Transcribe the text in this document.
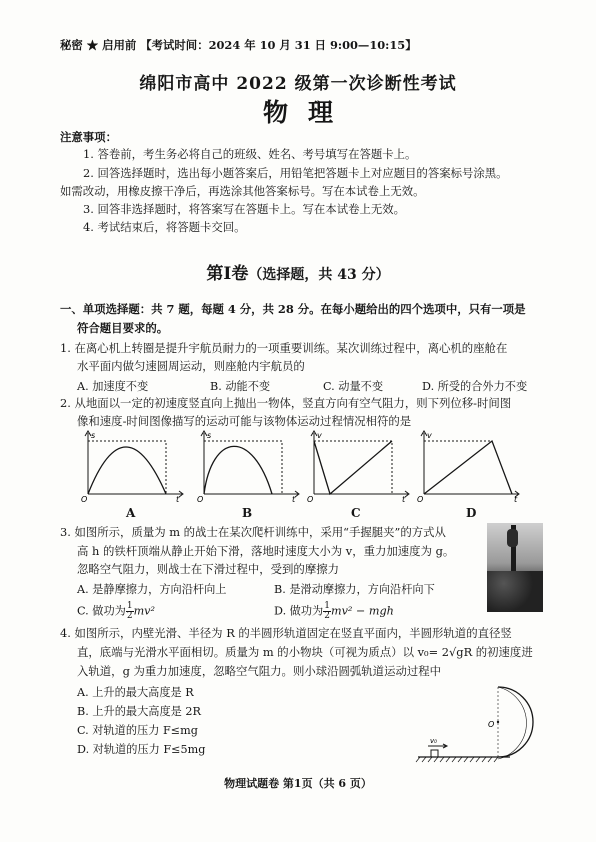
秘密 ★ 启用前 【考试时间：2024 年 10 月 31 日 9:00—10:15】

绵阳市高中 2022 级第一次诊断性考试

物理

注意事项：

1. 答卷前，考生务必将自己的班级、姓名、考号填写在答题卡上。

2. 回答选择题时，选出每小题答案后，用铅笔把答题卡上对应题目的答案标号涂黑。

如需改动，用橡皮擦干净后，再选涂其他答案标号。写在本试卷上无效。

3. 回答非选择题时，将答案写在答题卡上。写在本试卷上无效。

4. 考试结束后，将答题卡交回。

第Ⅰ卷（选择题，共 43 分）

一、单项选择题：共 7 题，每题 4 分，共 28 分。在每小题给出的四个选项中，只有一项是

符合题目要求的。

1. 在离心机上转圈是提升宇航员耐力的一项重要训练。某次训练过程中，离心机的座舱在

水平面内做匀速圆周运动，则座舱内宇航员的

A. 加速度不变	B. 动能不变	C. 动量不变	D. 所受的合外力不变

2. 从地面以一定的初速度竖直向上抛出一物体，竖直方向有空气阻力，则下列位移-时间图

像和速度-时间图像描写的运动可能与该物体运动过程情况相符的是

s
t
O

A

s
t
O

B

v
t
O

C

v
t
O

D

3. 如图所示，质量为 m 的战士在某次爬杆训练中，采用“手握腿夹”的方式从

高 h 的铁杆顶端从静止开始下滑，落地时速度大小为 v，重力加速度为 g。

忽略空气阻力，则战士在下滑过程中，受到的摩擦力

A. 是静摩擦力，方向沿杆向上	B. 是滑动摩擦力，方向沿杆向下

C. 做功为 $\frac{1}{2} mv^2$	D. 做功为 $\frac{1}{2} mv^2$ − mgh

4. 如图所示，内壁光滑、半径为 R 的半圆形轨道固定在竖直平面内，半圆形轨道的直径竖

直，底端与光滑水平面相切。质量为 m 的小物块（可视为质点）以 v₀= 2√gR 的初速度进

入轨道，g 为重力加速度，忽略空气阻力。则小球沿圆弧轨道运动过程中

A. 上升的最大高度是 R

B. 上升的最大高度是 2R

C. 对轨道的压力 F≤mg

D. 对轨道的压力 F≤5mg

O
v₀

物理试题卷 第1页（共 6 页）
